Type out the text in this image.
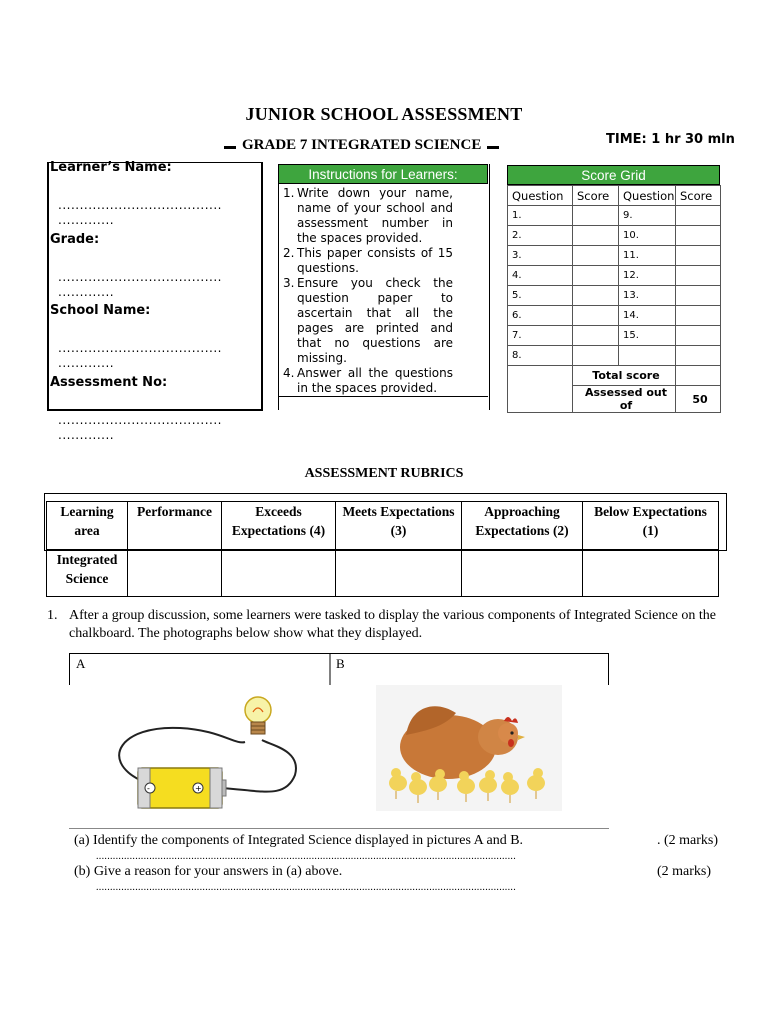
JUNIOR SCHOOL ASSESSMENT
GRADE 7 INTEGRATED SCIENCE	TIME: 1 hr 30 mln
Learner’s Name:
......................................
.............
Grade:
......................................
.............
School Name:
......................................
.............
Assessment No:
......................................
.............
Instructions for Learners:
1. Write down your name, name of your school and assessment number in the spaces provided.
2. This paper consists of 15 questions.
3. Ensure you check the question paper to ascertain that all the pages are printed and that no questions are missing.
4. Answer all the questions in the spaces provided.
Score Grid
Question	Score	Question	Score
1.		9.	
2.		10.	
3.		11.	
4.		12.	
5.		13.	
6.		14.	
7.		15.	
8.			
	Total score		
	Assessed out of		50
ASSESSMENT RUBRICS
Learning area	Performance	Exceeds Expectations (4)	Meets Expectations (3)	Approaching Expectations (2)	Below Expectations (1)
Integrated Science					
1. After a group discussion, some learners were tasked to display the various components of Integrated Science on the chalkboard. The photographs below show what they displayed.
A	B
-	+
(a) Identify the components of Integrated Science displayed in pictures A and B.	. (2 marks)
......................................................................................................................................................
(b) Give a reason for your answers in (a) above.	(2 marks)
......................................................................................................................................................
